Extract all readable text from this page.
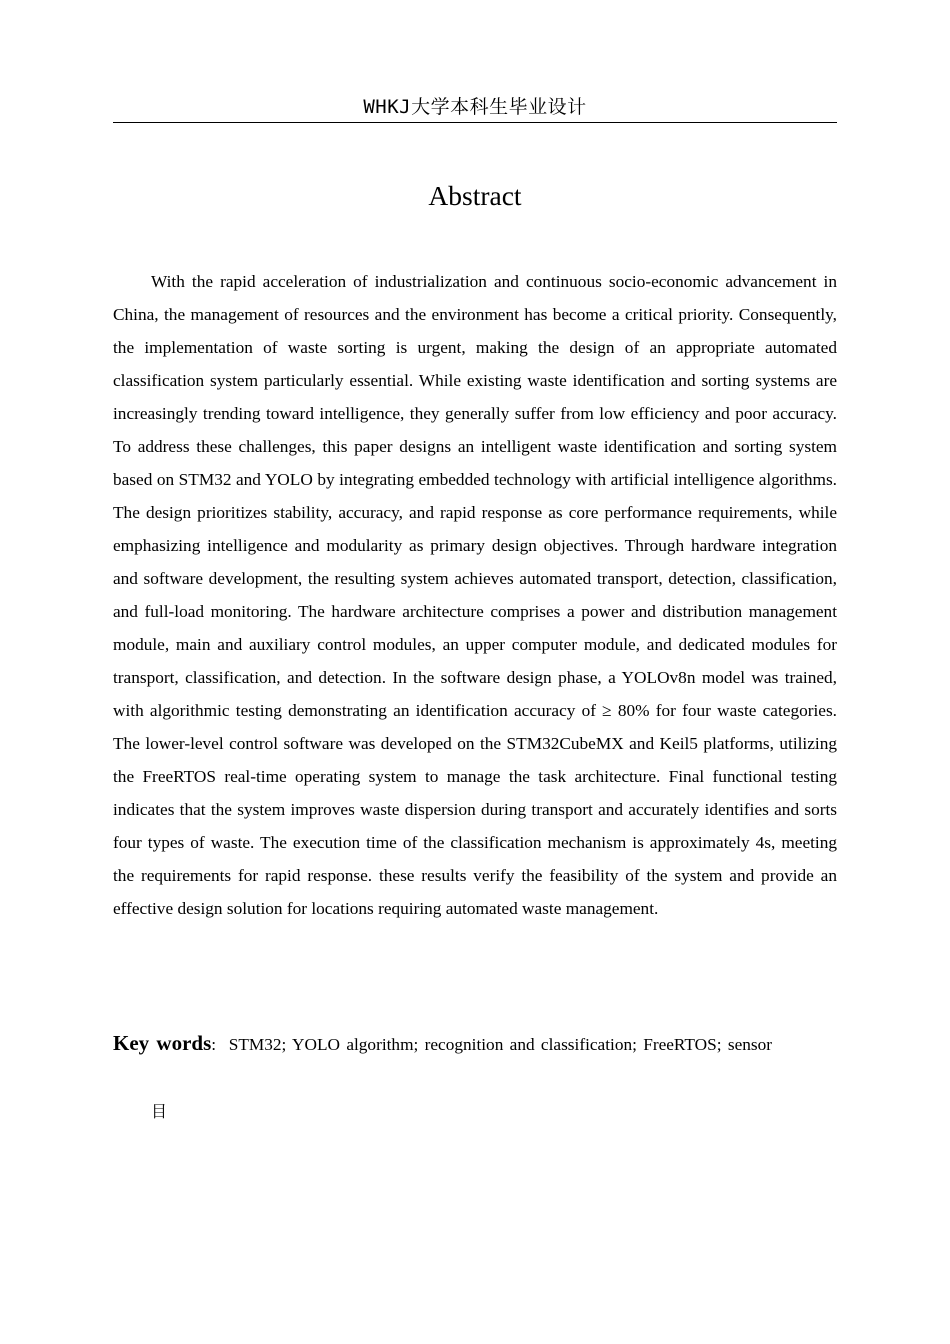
WHKJ大学本科生毕业设计
Abstract

With the rapid acceleration of industrialization and continuous socio-economic advancement in China, the management of resources and the environment has become a critical priority. Consequently, the implementation of waste sorting is urgent, making the design of an appropriate automated classification system particularly essential. While existing waste identification and sorting systems are increasingly trending toward intelligence, they generally suffer from low efficiency and poor accuracy. To address these challenges, this paper designs an intelligent waste identification and sorting system based on STM32 and YOLO by integrating embedded technology with artificial intelligence algorithms. The design prioritizes stability, accuracy, and rapid response as core performance requirements, while emphasizing intelligence and modularity as primary design objectives. Through hardware integration and software development, the resulting system achieves automated transport, detection, classification, and full-load monitoring. The hardware architecture comprises a power and distribution management module, main and auxiliary control modules, an upper computer module, and dedicated modules for transport, classification, and detection. In the software design phase, a YOLOv8n model was trained, with algorithmic testing demonstrating an identification accuracy of ≥ 80% for four waste categories. The lower-level control software was developed on the STM32CubeMX and Keil5 platforms, utilizing the FreeRTOS real-time operating system to manage the task architecture. Final functional testing indicates that the system improves waste dispersion during transport and accurately identifies and sorts four types of waste. The execution time of the classification mechanism is approximately 4s, meeting the requirements for rapid response. these results verify the feasibility of the system and provide an effective design solution for locations requiring automated waste management.

Key words: STM32; YOLO algorithm; recognition and classification; FreeRTOS; sensor

目
